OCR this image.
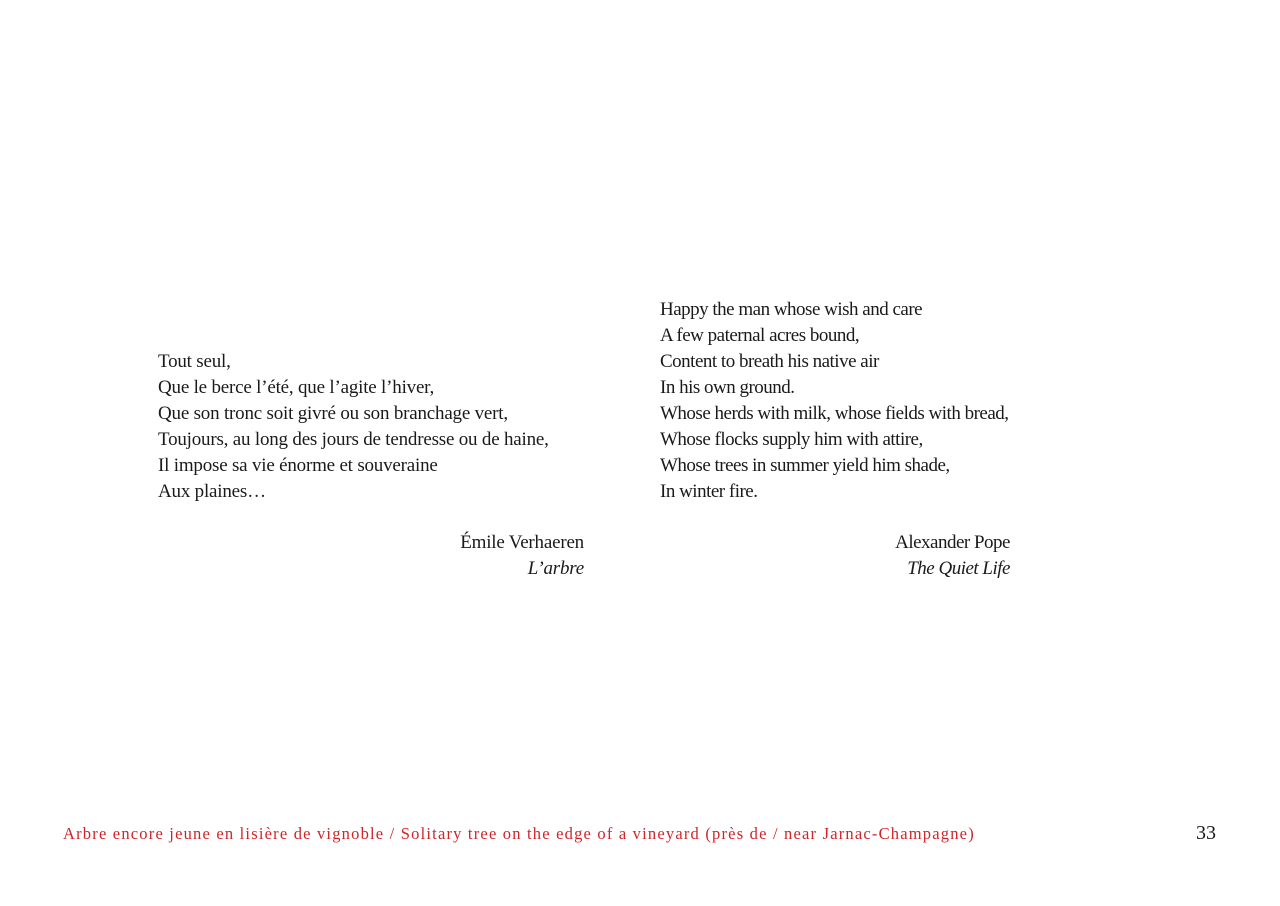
Tout seul,
Que le berce l’été, que l’agite l’hiver,
Que son tronc soit givré ou son branchage vert,
Toujours, au long des jours de tendresse ou de haine,
Il impose sa vie énorme et souveraine
Aux plaines…
Émile Verhaeren
L’arbre
Happy the man whose wish and care
A few paternal acres bound,
Content to breath his native air
In his own ground.
Whose herds with milk, whose fields with bread,
Whose flocks supply him with attire,
Whose trees in summer yield him shade,
In winter fire.
Alexander Pope
The Quiet Life
Arbre encore jeune en lisière de vignoble / Solitary tree on the edge of a vineyard (près de / near Jarnac-Champagne)	33
